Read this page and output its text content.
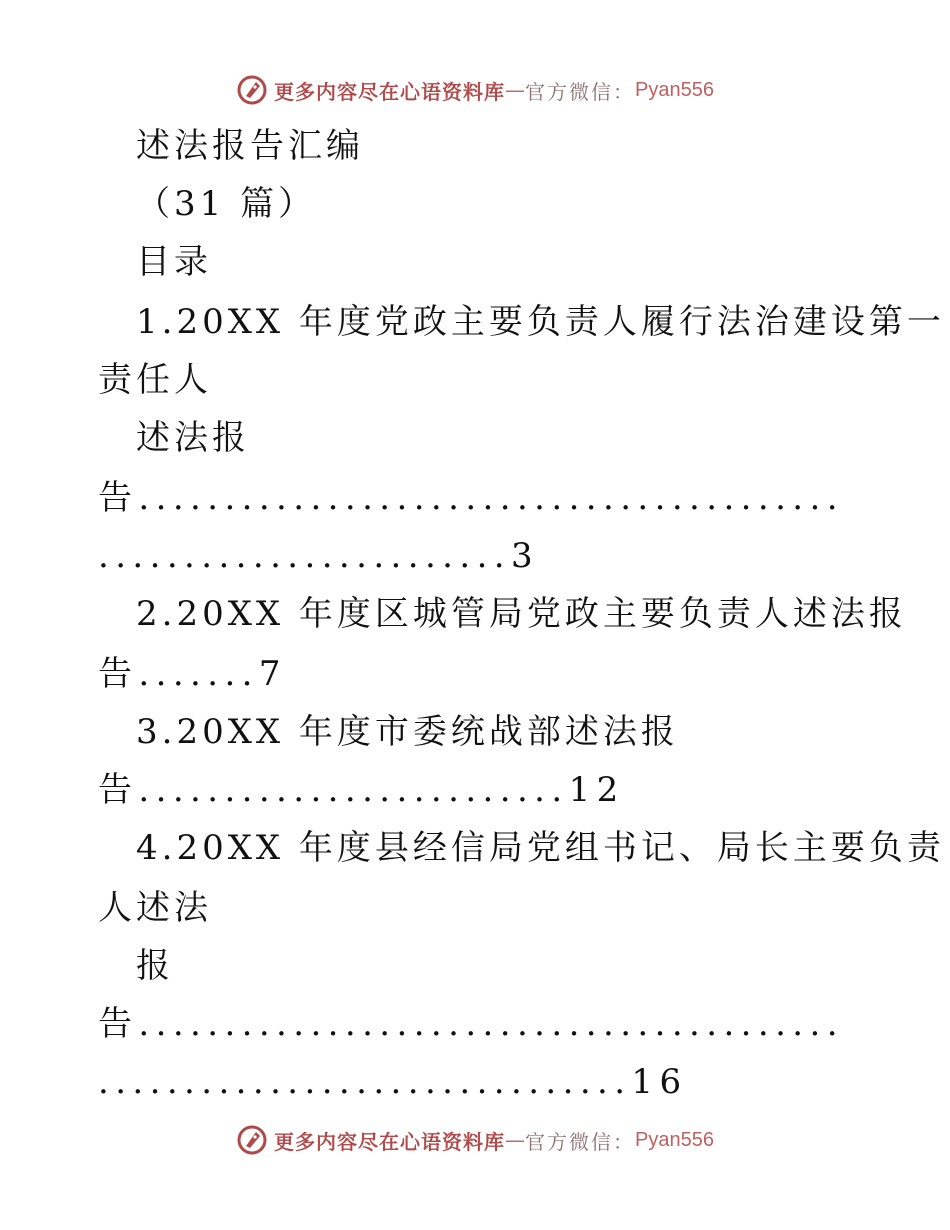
更多内容尽在心语资料库 — 官方微信： Pyan556
述法报告汇编
（31 篇）
目录
1.20XX 年度党政主要负责人履行法治建设第一
责任人
述法报
告.........................................
........................3
2.20XX 年度区城管局党政主要负责人述法报
告.......7
3.20XX 年度市委统战部述法报
告.........................12
4.20XX 年度县经信局党组书记、局长主要负责
人述法
报
告.........................................
...............................16
更多内容尽在心语资料库 — 官方微信： Pyan556
